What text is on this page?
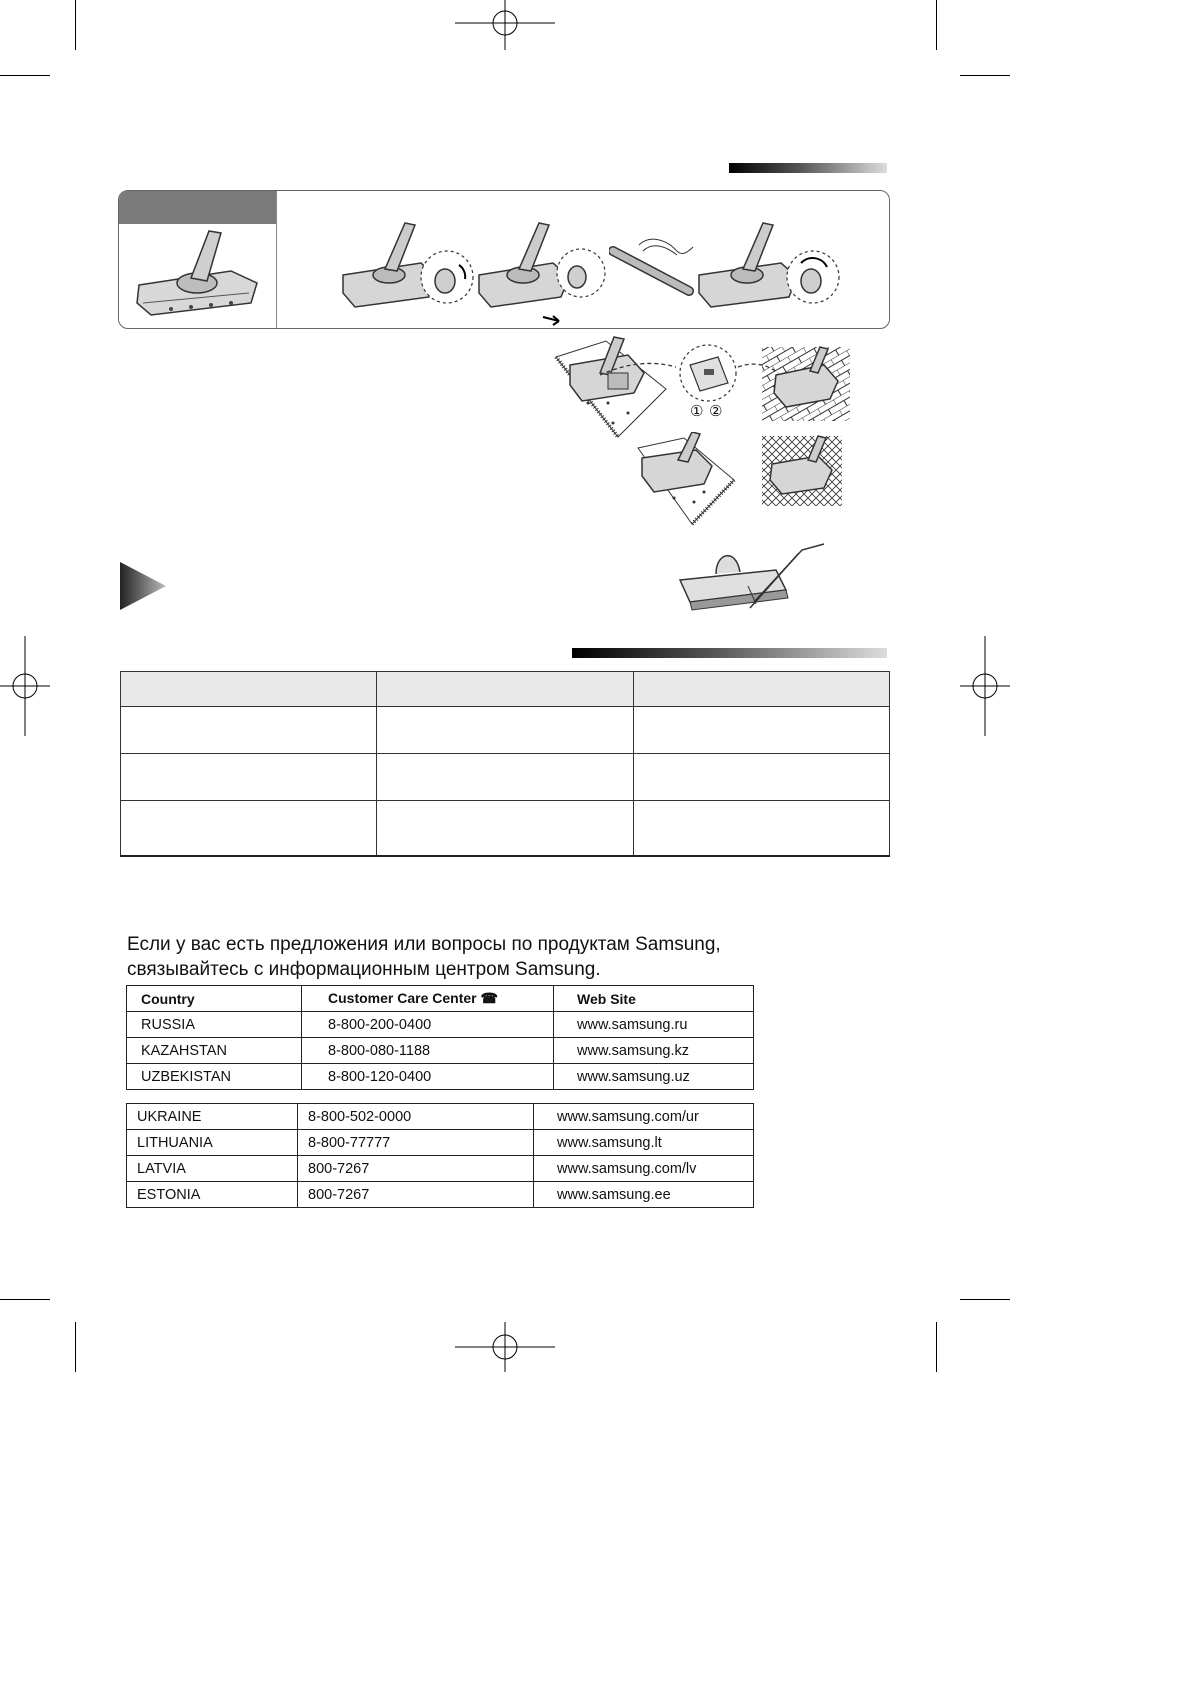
① ②

Если у вас есть предложения или вопросы по продуктам Samsung,
связывайтесь с информационным центром Samsung.
Country	Customer Care Center ☎	Web Site
RUSSIA	8-800-200-0400	www.samsung.ru
KAZAHSTAN	8-800-080-1188	www.samsung.kz
UZBEKISTAN	8-800-120-0400	www.samsung.uz
UKRAINE	8-800-502-0000	www.samsung.com/ur
LITHUANIA	8-800-77777	www.samsung.lt
LATVIA	800-7267	www.samsung.com/lv
ESTONIA	800-7267	www.samsung.ee
